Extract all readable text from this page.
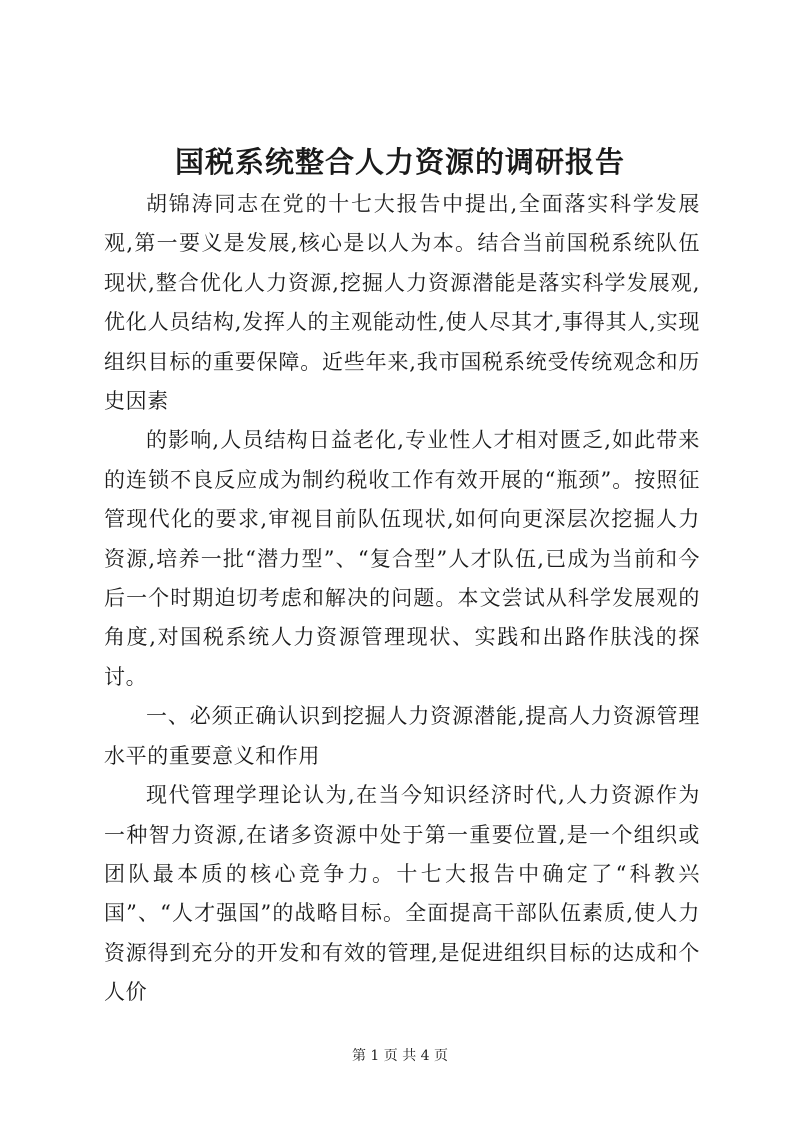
国税系统整合人力资源的调研报告

胡锦涛同志在党的十七大报告中提出,全面落实科学发展观,第一要义是发展,核心是以人为本。结合当前国税系统队伍现状,整合优化人力资源,挖掘人力资源潜能是落实科学发展观,优化人员结构,发挥人的主观能动性,使人尽其才,事得其人,实现组织目标的重要保障。近些年来,我市国税系统受传统观念和历史因素

的影响,人员结构日益老化,专业性人才相对匮乏,如此带来的连锁不良反应成为制约税收工作有效开展的“瓶颈”。按照征管现代化的要求,审视目前队伍现状,如何向更深层次挖掘人力资源,培养一批“潜力型”、“复合型”人才队伍,已成为当前和今后一个时期迫切考虑和解决的问题。本文尝试从科学发展观的角度,对国税系统人力资源管理现状、实践和出路作肤浅的探讨。

一、必须正确认识到挖掘人力资源潜能,提高人力资源管理水平的重要意义和作用

现代管理学理论认为,在当今知识经济时代,人力资源作为一种智力资源,在诸多资源中处于第一重要位置,是一个组织或团队最本质的核心竞争力。十七大报告中确定了“科教兴国”、“人才强国”的战略目标。全面提高干部队伍素质,使人力资源得到充分的开发和有效的管理,是促进组织目标的达成和个人价

第 1 页 共 4 页
